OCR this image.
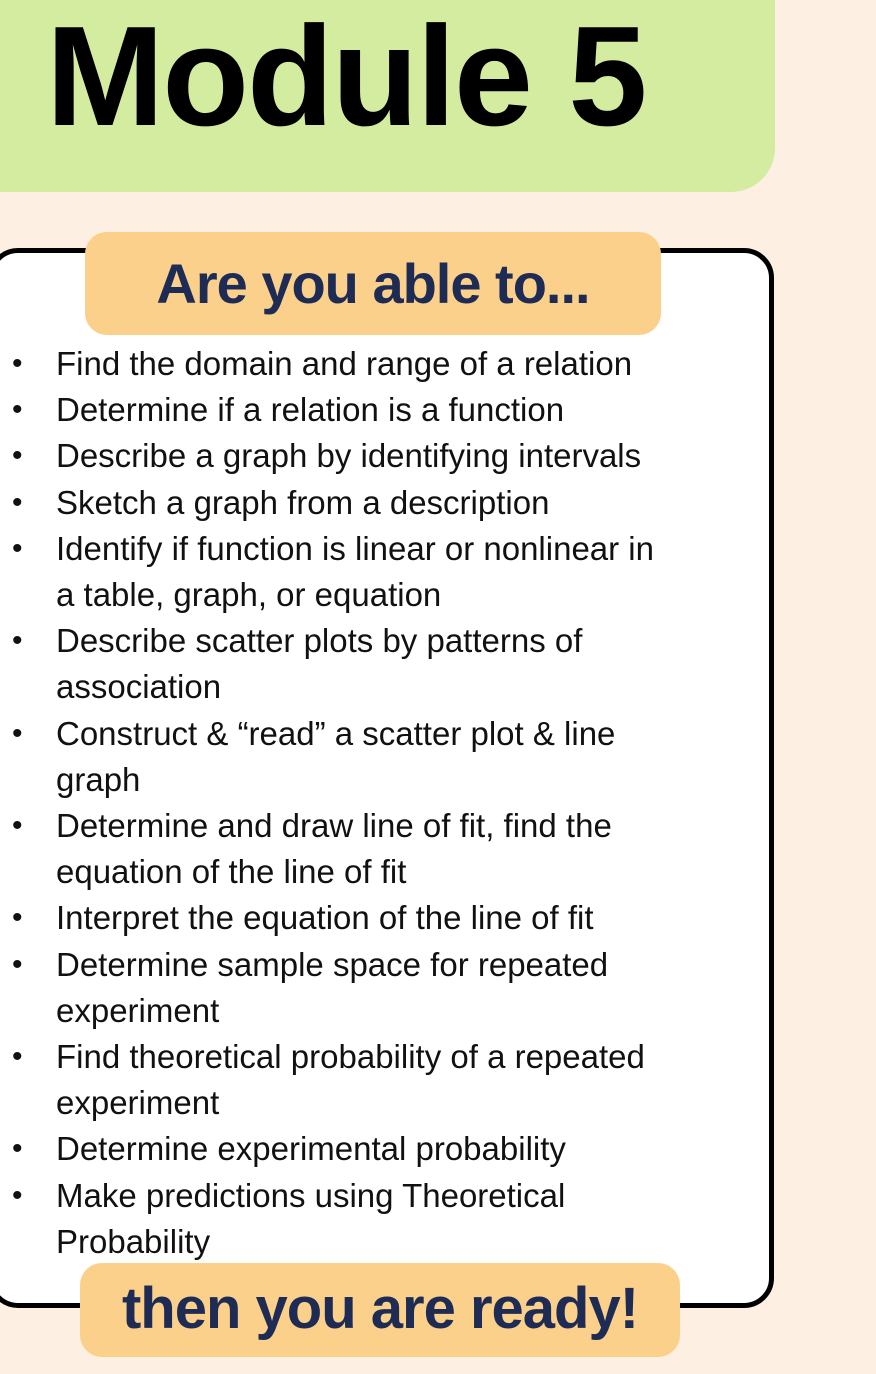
Module 5
Are you able to...
• Find the domain and range of a relation
• Determine if a relation is a function
• Describe a graph by identifying intervals
• Sketch a graph from a description
• Identify if function is linear or nonlinear in
a table, graph, or equation
• Describe scatter plots by patterns of
association
• Construct & “read” a scatter plot & line
graph
• Determine and draw line of fit, find the
equation of the line of fit
• Interpret the equation of the line of fit
• Determine sample space for repeated
experiment
• Find theoretical probability of a repeated
experiment
• Determine experimental probability
• Make predictions using Theoretical
Probability
then you are ready!
